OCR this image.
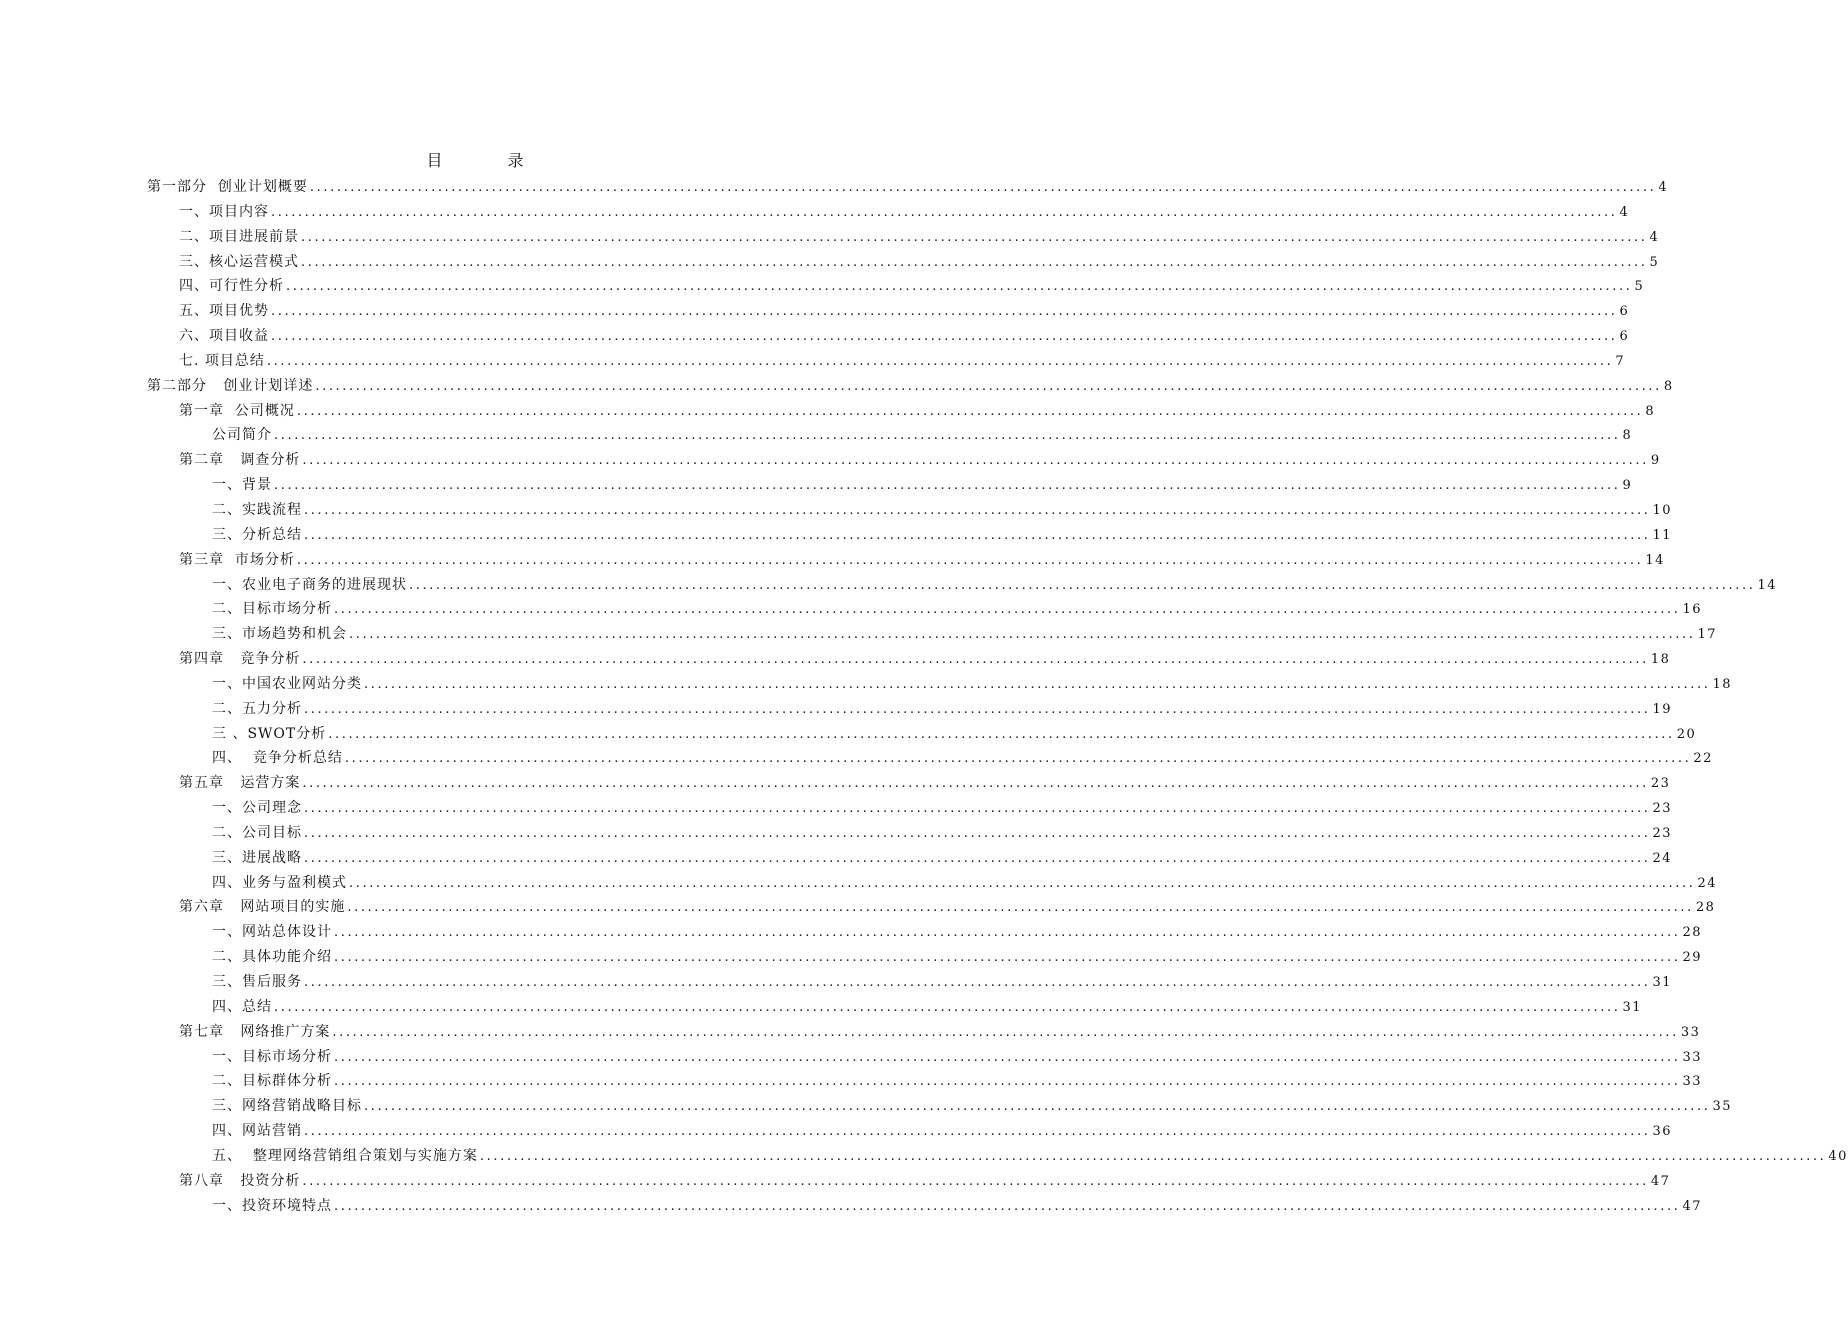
目 录
第一部分  创业计划概要 ........................................................................................................................................................................................................ 4
一、项目内容 ........................................................................................................................................................................................................ 4
二、项目进展前景 ........................................................................................................................................................................................................ 4
三、核心运营模式 ........................................................................................................................................................................................................ 5
四、可行性分析 ........................................................................................................................................................................................................ 5
五、项目优势 ........................................................................................................................................................................................................ 6
六、项目收益 ........................................................................................................................................................................................................ 6
七. 项目总结 ........................................................................................................................................................................................................ 7
第二部分   创业计划详述 ........................................................................................................................................................................................................ 8
第一章  公司概况 ........................................................................................................................................................................................................ 8
公司简介 ........................................................................................................................................................................................................ 8
第二章   调查分析 ........................................................................................................................................................................................................ 9
一、背景 ........................................................................................................................................................................................................ 9
二、实践流程 ........................................................................................................................................................................................................ 10
三、分析总结 ........................................................................................................................................................................................................ 11
第三章  市场分析 ........................................................................................................................................................................................................ 14
一、农业电子商务的进展现状 ........................................................................................................................................................................................................ 14
二、目标市场分析 ........................................................................................................................................................................................................ 16
三、市场趋势和机会 ........................................................................................................................................................................................................ 17
第四章   竞争分析 ........................................................................................................................................................................................................ 18
一、中国农业网站分类 ........................................................................................................................................................................................................ 18
二、五力分析 ........................................................................................................................................................................................................ 19
三 、SWOT分析 ........................................................................................................................................................................................................ 20
四、  竞争分析总结 ........................................................................................................................................................................................................ 22
第五章   运营方案 ........................................................................................................................................................................................................ 23
一、公司理念 ........................................................................................................................................................................................................ 23
二、公司目标 ........................................................................................................................................................................................................ 23
三、进展战略 ........................................................................................................................................................................................................ 24
四、业务与盈利模式 ........................................................................................................................................................................................................ 24
第六章   网站项目的实施 ........................................................................................................................................................................................................ 28
一、网站总体设计 ........................................................................................................................................................................................................ 28
二、具体功能介绍 ........................................................................................................................................................................................................ 29
三、售后服务 ........................................................................................................................................................................................................ 31
四、总结 ........................................................................................................................................................................................................ 31
第七章   网络推广方案 ........................................................................................................................................................................................................ 33
一、目标市场分析 ........................................................................................................................................................................................................ 33
二、目标群体分析 ........................................................................................................................................................................................................ 33
三、网络营销战略目标 ........................................................................................................................................................................................................ 35
四、网站营销 ........................................................................................................................................................................................................ 36
五、  整理网络营销组合策划与实施方案 ........................................................................................................................................................................................................ 40
第八章   投资分析 ........................................................................................................................................................................................................ 47
一、投资环境特点 ........................................................................................................................................................................................................ 47
